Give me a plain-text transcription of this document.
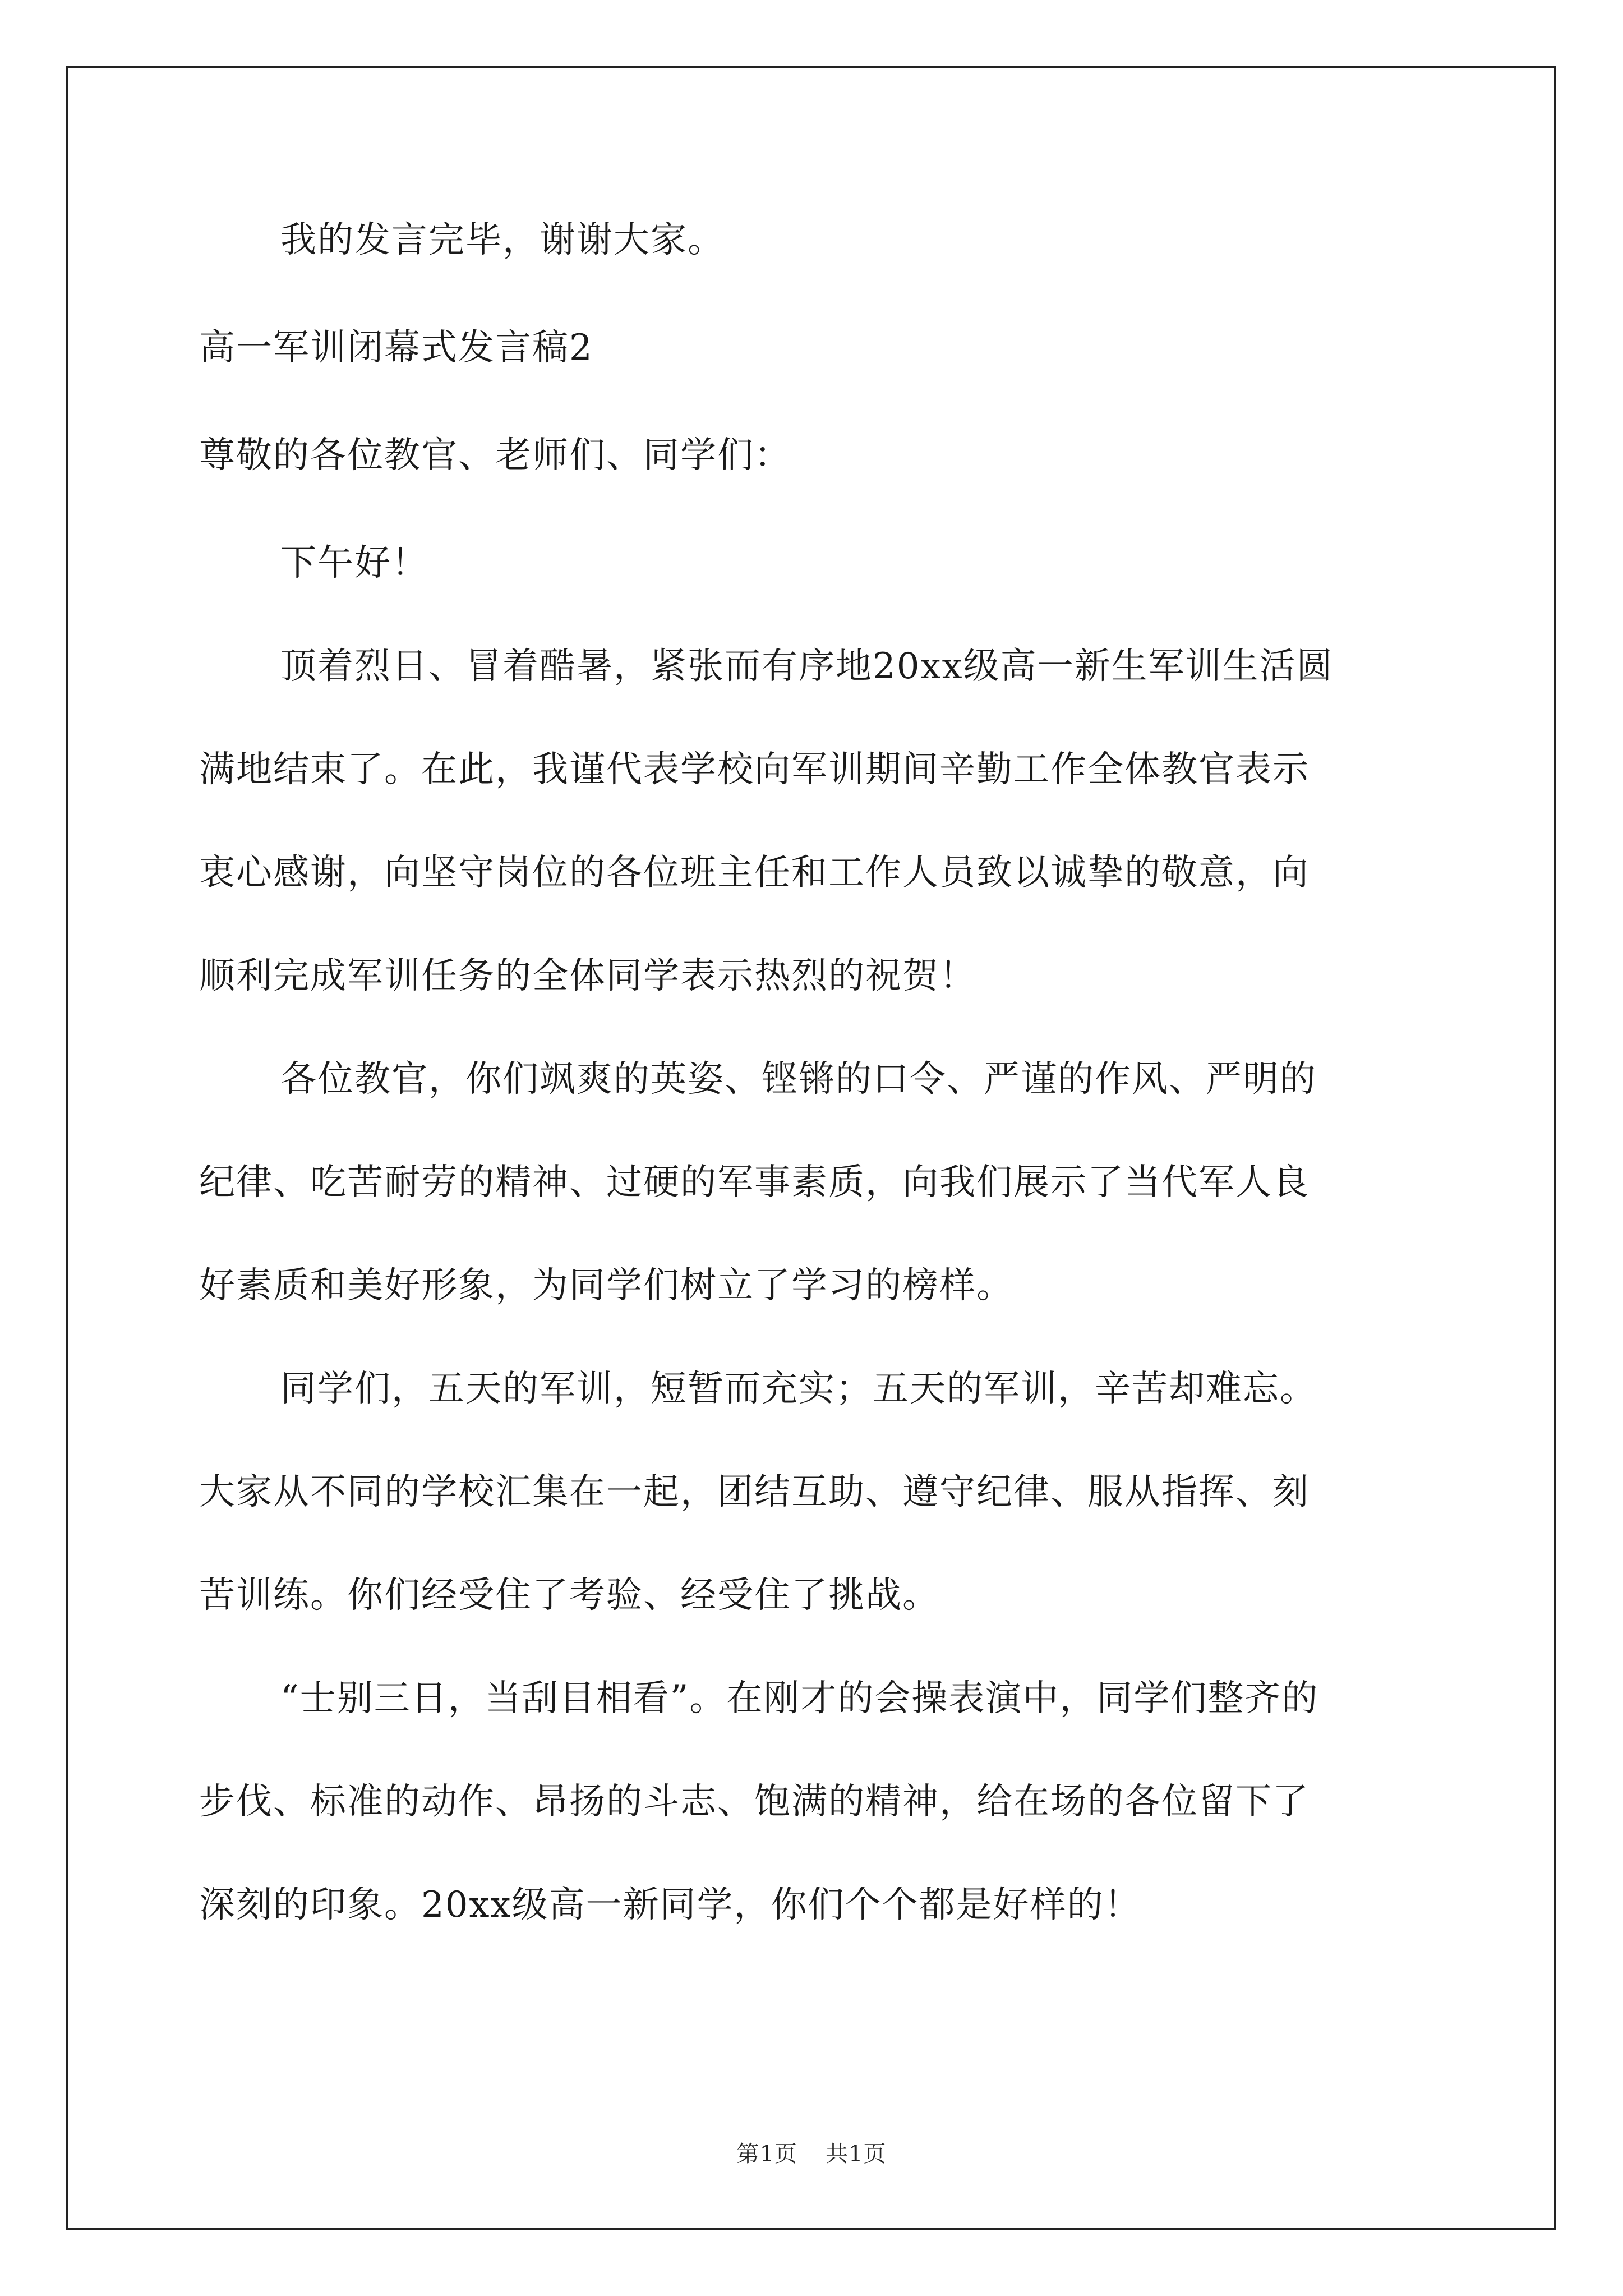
我的发言完毕，谢谢大家。
高一军训闭幕式发言稿2
尊敬的各位教官、老师们、同学们：
下午好！
顶着烈日、冒着酷暑，紧张而有序地20xx级高一新生军训生活圆
满地结束了。在此，我谨代表学校向军训期间辛勤工作全体教官表示
衷心感谢，向坚守岗位的各位班主任和工作人员致以诚挚的敬意，向
顺利完成军训任务的全体同学表示热烈的祝贺！
各位教官，你们飒爽的英姿、铿锵的口令、严谨的作风、严明的
纪律、吃苦耐劳的精神、过硬的军事素质，向我们展示了当代军人良
好素质和美好形象，为同学们树立了学习的榜样。
同学们，五天的军训，短暂而充实；五天的军训，辛苦却难忘。
大家从不同的学校汇集在一起，团结互助、遵守纪律、服从指挥、刻
苦训练。你们经受住了考验、经受住了挑战。
“士别三日，当刮目相看”。在刚才的会操表演中，同学们整齐的
步伐、标准的动作、昂扬的斗志、饱满的精神，给在场的各位留下了
深刻的印象。20xx级高一新同学，你们个个都是好样的！
第1页 共1页
